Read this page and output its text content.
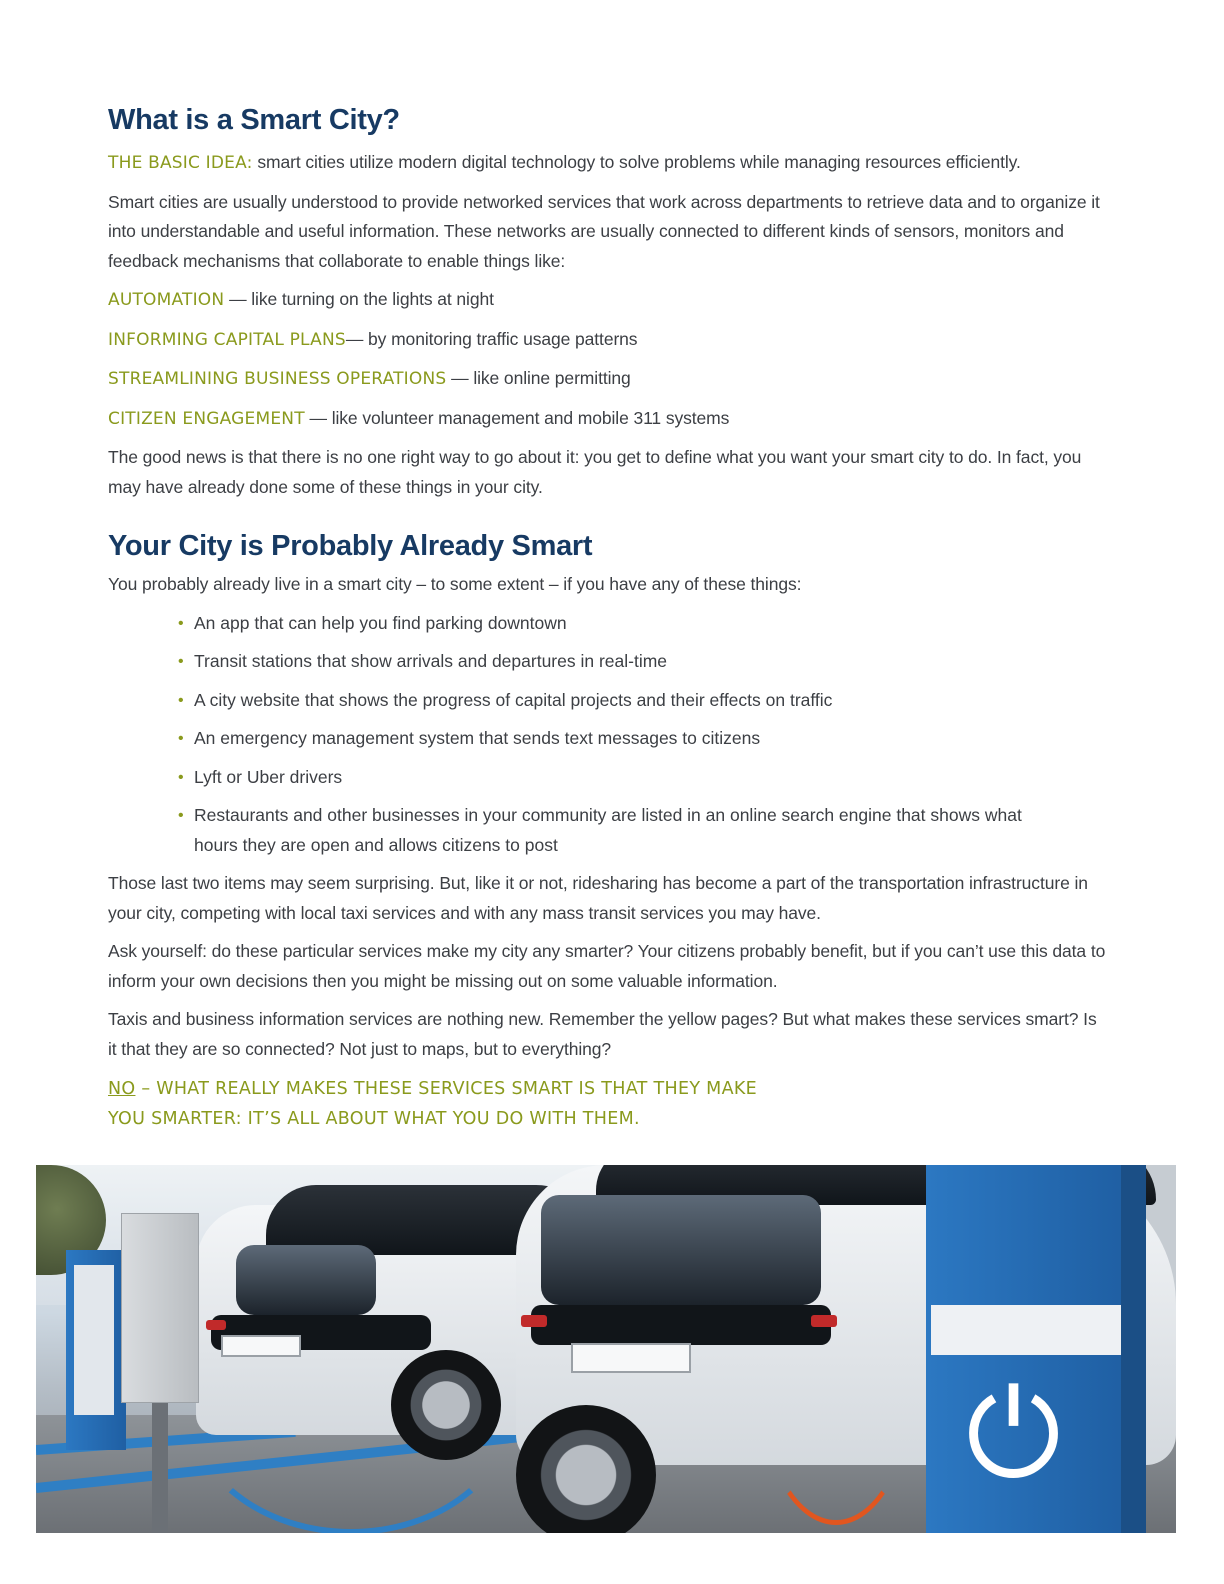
What is a Smart City?

THE BASIC IDEA: smart cities utilize modern digital technology to solve problems while managing resources efficiently.

Smart cities are usually understood to provide networked services that work across departments to retrieve data and to organize it into understandable and useful information. These networks are usually connected to different kinds of sensors, monitors and feedback mechanisms that collaborate to enable things like:

AUTOMATION — like turning on the lights at night

INFORMING CAPITAL PLANS— by monitoring traffic usage patterns

STREAMLINING BUSINESS OPERATIONS — like online permitting

CITIZEN ENGAGEMENT — like volunteer management and mobile 311 systems

The good news is that there is no one right way to go about it: you get to define what you want your smart city to do. In fact, you may have already done some of these things in your city.

Your City is Probably Already Smart

You probably already live in a smart city – to some extent – if you have any of these things:

• An app that can help you find parking downtown
• Transit stations that show arrivals and departures in real-time
• A city website that shows the progress of capital projects and their effects on traffic
• An emergency management system that sends text messages to citizens
• Lyft or Uber drivers
• Restaurants and other businesses in your community are listed in an online search engine that shows what hours they are open and allows citizens to post

Those last two items may seem surprising. But, like it or not, ridesharing has become a part of the transportation infrastructure in your city, competing with local taxi services and with any mass transit services you may have.

Ask yourself: do these particular services make my city any smarter? Your citizens probably benefit, but if you can’t use this data to inform your own decisions then you might be missing out on some valuable information.

Taxis and business information services are nothing new. Remember the yellow pages? But what makes these services smart? Is it that they are so connected? Not just to maps, but to everything?

NO – WHAT REALLY MAKES THESE SERVICES SMART IS THAT THEY MAKE YOU SMARTER: IT’S ALL ABOUT WHAT YOU DO WITH THEM.

⏻
